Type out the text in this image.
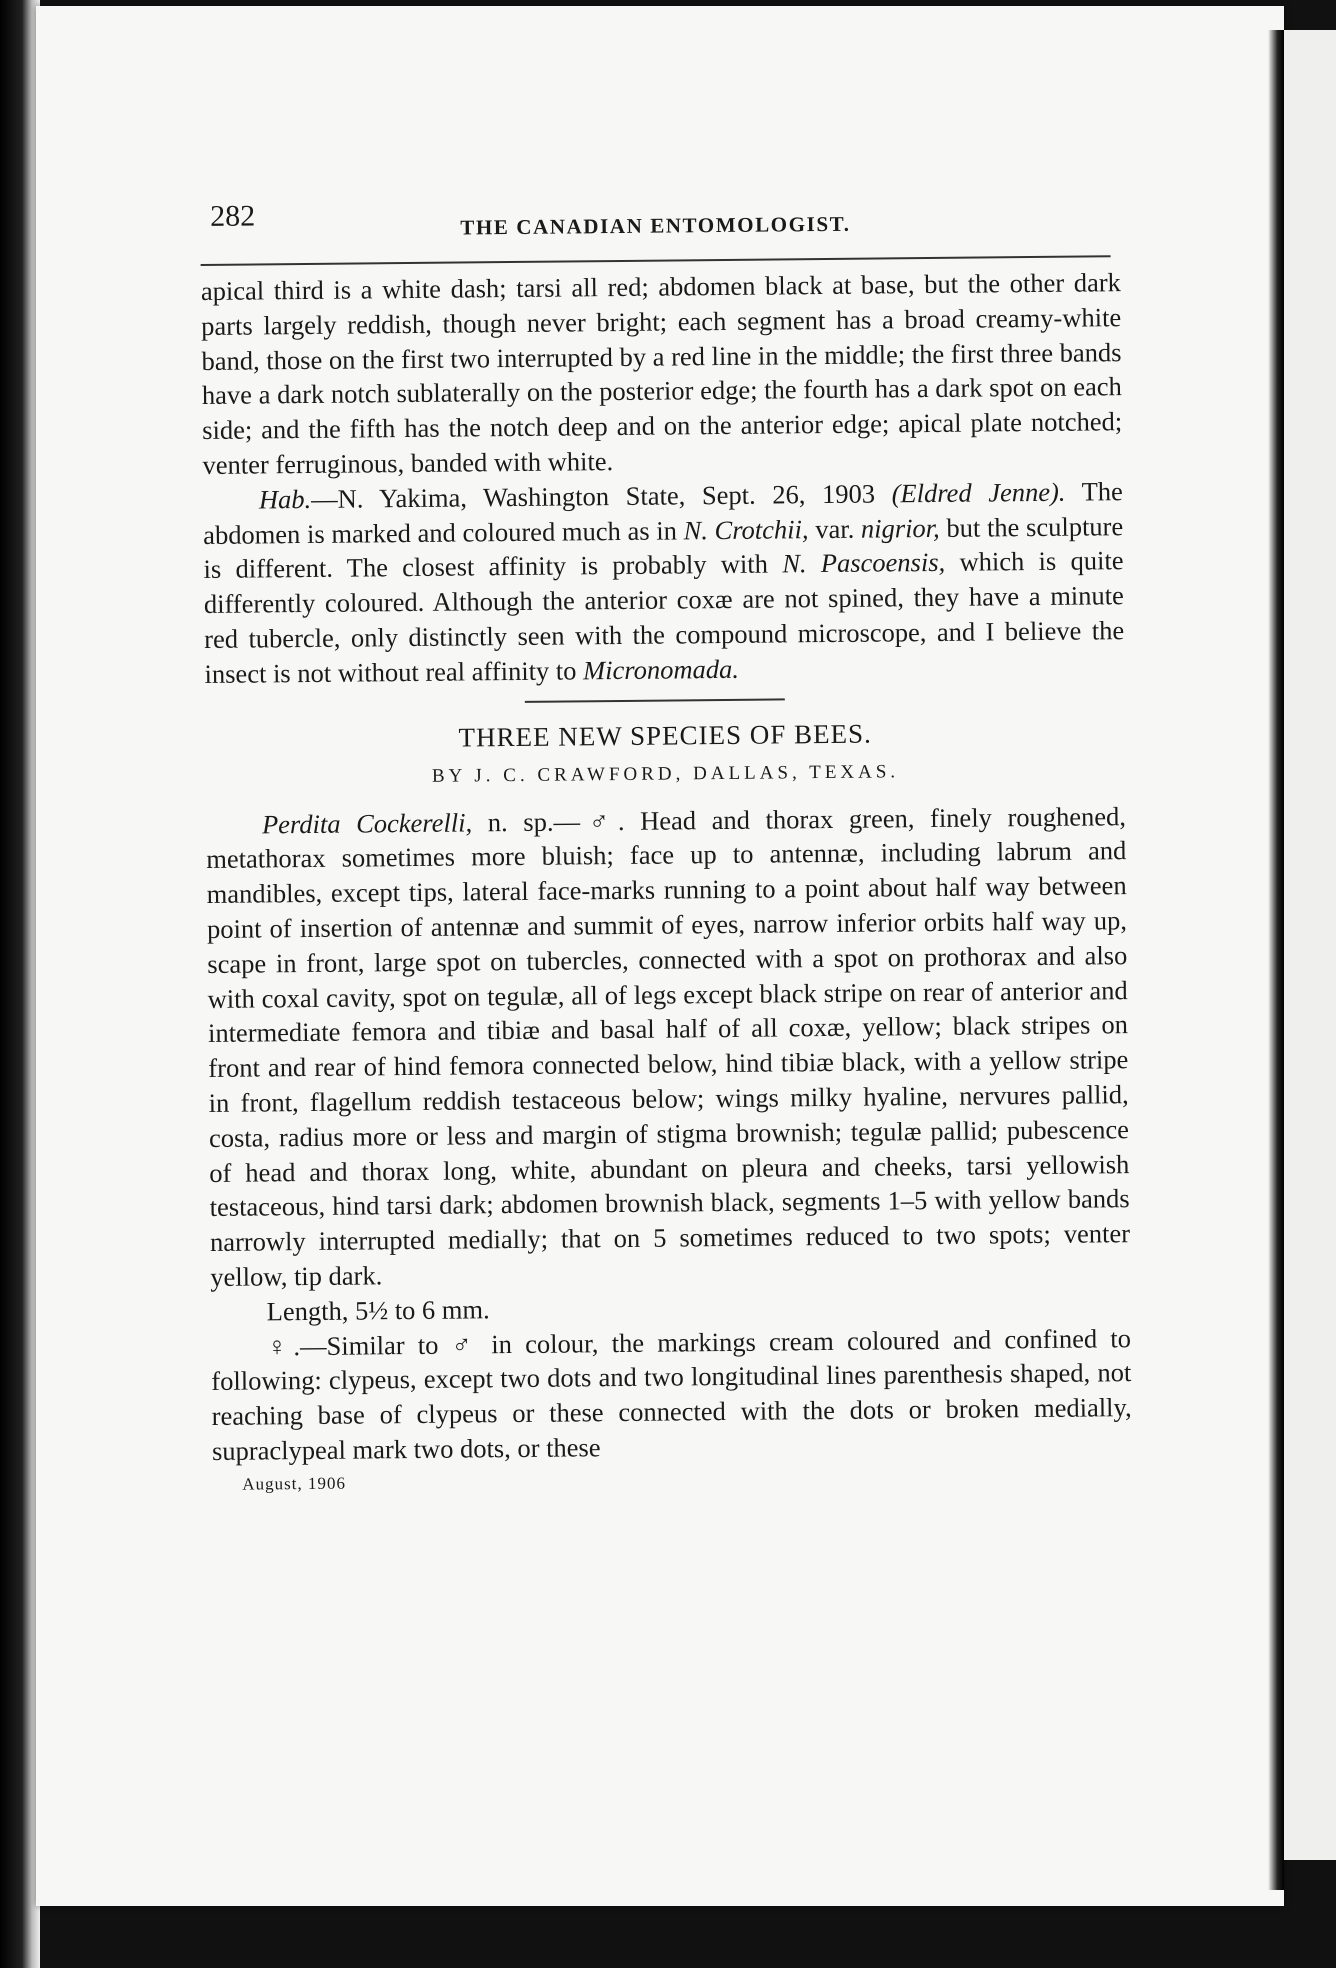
282	THE CANADIAN ENTOMOLOGIST.

apical third is a white dash; tarsi all red; abdomen black at base, but the other dark parts largely reddish, though never bright; each segment has a broad creamy-white band, those on the first two interrupted by a red line in the middle; the first three bands have a dark notch sublaterally on the posterior edge; the fourth has a dark spot on each side; and the fifth has the notch deep and on the anterior edge; apical plate notched; venter ferruginous, banded with white.

Hab.—N. Yakima, Washington State, Sept. 26, 1903 (Eldred Jenne). The abdomen is marked and coloured much as in N. Crotchii, var. nigrior, but the sculpture is different. The closest affinity is probably with N. Pascoensis, which is quite differently coloured. Although the anterior coxæ are not spined, they have a minute red tubercle, only distinctly seen with the compound microscope, and I believe the insect is not without real affinity to Micronomada.

THREE NEW SPECIES OF BEES.
BY J. C. CRAWFORD, DALLAS, TEXAS.

Perdita Cockerelli, n. sp.—♂. Head and thorax green, finely roughened, metathorax sometimes more bluish; face up to antennæ, including labrum and mandibles, except tips, lateral face-marks running to a point about half way between point of insertion of antennæ and summit of eyes, narrow inferior orbits half way up, scape in front, large spot on tubercles, connected with a spot on prothorax and also with coxal cavity, spot on tegulæ, all of legs except black stripe on rear of anterior and intermediate femora and tibiæ and basal half of all coxæ, yellow; black stripes on front and rear of hind femora connected below, hind tibiæ black, with a yellow stripe in front, flagellum reddish testaceous below; wings milky hyaline, nervures pallid, costa, radius more or less and margin of stigma brownish; tegulæ pallid; pubescence of head and thorax long, white, abundant on pleura and cheeks, tarsi yellowish testaceous, hind tarsi dark; abdomen brownish black, segments 1–5 with yellow bands narrowly interrupted medially; that on 5 sometimes reduced to two spots; venter yellow, tip dark.

Length, 5½ to 6 mm.

♀.—Similar to ♂ in colour, the markings cream coloured and confined to following: clypeus, except two dots and two longitudinal lines parenthesis shaped, not reaching base of clypeus or these connected with the dots or broken medially, supraclypeal mark two dots, or these

August, 1906
